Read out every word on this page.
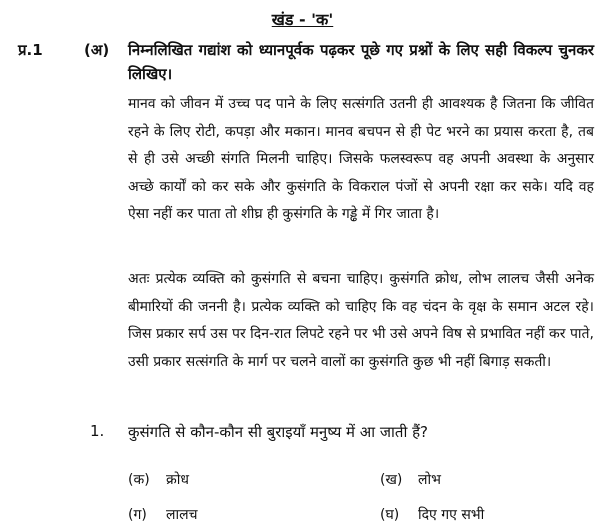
खंड - 'क'
प्र.1	(अ) निम्नलिखित गद्यांश को ध्यानपूर्वक पढ़कर पूछे गए प्रश्नों के लिए सही विकल्प चुनकर लिखिए।
मानव को जीवन में उच्च पद पाने के लिए सत्संगति उतनी ही आवश्यक है जितना कि जीवित रहने के लिए रोटी, कपड़ा और मकान। मानव बचपन से ही पेट भरने का प्रयास करता है, तब से ही उसे अच्छी संगति मिलनी चाहिए। जिसके फलस्वरूप वह अपनी अवस्था के अनुसार अच्छे कार्यों को कर सके और कुसंगति के विकराल पंजों से अपनी रक्षा कर सके। यदि वह ऐसा नहीं कर पाता तो शीघ्र ही कुसंगति के गड्ढे में गिर जाता है।
अतः प्रत्येक व्यक्ति को कुसंगति से बचना चाहिए। कुसंगति क्रोध, लोभ लालच जैसी अनेक बीमारियों की जननी है। प्रत्येक व्यक्ति को चाहिए कि वह चंदन के वृक्ष के समान अटल रहे। जिस प्रकार सर्प उस पर दिन-रात लिपटे रहने पर भी उसे अपने विष से प्रभावित नहीं कर पाते, उसी प्रकार सत्संगति के मार्ग पर चलने वालों का कुसंगति कुछ भी नहीं बिगाड़ सकती।
1. कुसंगति से कौन-कौन सी बुराइयाँ मनुष्य में आ जाती हैं?
(क) क्रोध	(ख) लोभ
(ग) लालच	(घ) दिए गए सभी
